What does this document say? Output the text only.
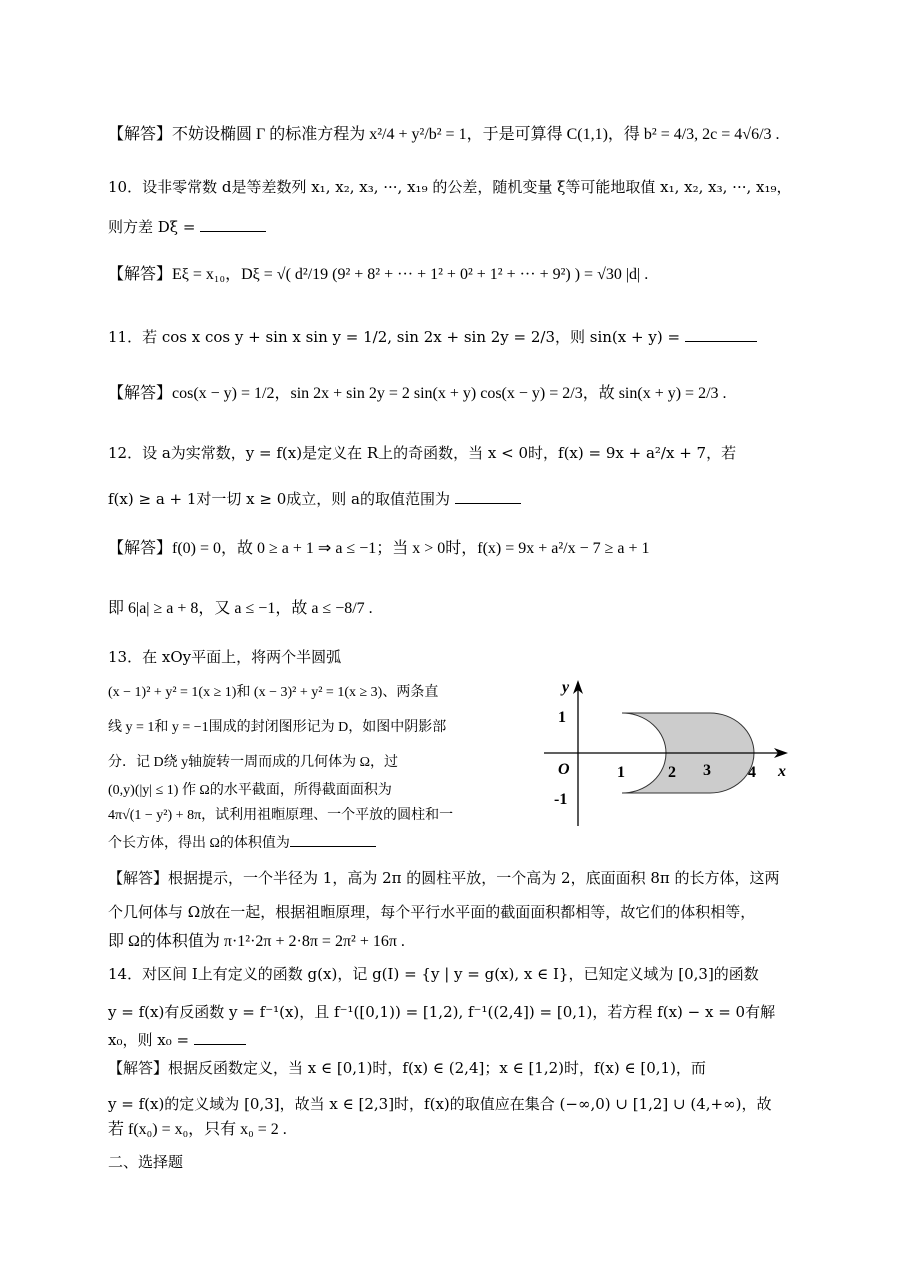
【解答】不妨设椭圆 Γ 的标准方程为 x²/4 + y²/b² = 1，于是可算得 C(1,1)，得 b² = 4/3, 2c = 4√6/3 .
10．设非零常数 d是等差数列 x₁, x₂, x₃, ···, x₁₉ 的公差，随机变量 ξ等可能地取值 x₁, x₂, x₃, ···, x₁₉，
则方差 Dξ =
【解答】Eξ = x₁₀，Dξ = √( d²/19 (9² + 8² + ··· + 1² + 0² + 1² + ··· + 9²) ) = √30 |d| .
11．若 cos x cos y + sin x sin y = 1/2, sin 2x + sin 2y = 2/3，则 sin(x + y) =
【解答】cos(x − y) = 1/2，sin 2x + sin 2y = 2 sin(x + y) cos(x − y) = 2/3，故 sin(x + y) = 2/3 .
12．设 a为实常数，y = f(x)是定义在 R上的奇函数，当 x < 0时，f(x) = 9x + a²/x + 7，若
f(x) ≥ a + 1对一切 x ≥ 0成立，则 a的取值范围为
【解答】f(0) = 0，故 0 ≥ a + 1 ⇒ a ≤ −1；当 x > 0时，f(x) = 9x + a²/x − 7 ≥ a + 1
即 6|a| ≥ a + 8，又 a ≤ −1，故 a ≤ −8/7 .
13．在 xOy平面上，将两个半圆弧
(x − 1)² + y² = 1(x ≥ 1)和 (x − 3)² + y² = 1(x ≥ 3)、两条直
线 y = 1和 y = −1围成的封闭图形记为 D，如图中阴影部
分．记 D绕 y轴旋转一周而成的几何体为 Ω，过
(0,y)(|y| ≤ 1) 作 Ω的水平截面，所得截面面积为
4π√(1 − y²) + 8π，试利用祖暅原理、一个平放的圆柱和一
个长方体，得出 Ω的体积值为
【解答】根据提示，一个半径为 1，高为 2π 的圆柱平放，一个高为 2，底面面积 8π 的长方体，这两
个几何体与 Ω放在一起，根据祖暅原理，每个平行水平面的截面面积都相等，故它们的体积相等，
即 Ω的体积值为 π·1²·2π + 2·8π = 2π² + 16π .
14．对区间 I上有定义的函数 g(x)，记 g(I) = {y | y = g(x), x ∈ I}，已知定义域为 [0,3]的函数
y = f(x)有反函数 y = f⁻¹(x)，且 f⁻¹([0,1)) = [1,2), f⁻¹((2,4]) = [0,1)，若方程 f(x) − x = 0有解
x₀，则 x₀ =
【解答】根据反函数定义，当 x ∈ [0,1)时，f(x) ∈ (2,4]；x ∈ [1,2)时，f(x) ∈ [0,1)，而
y = f(x)的定义域为 [0,3]，故当 x ∈ [2,3]时，f(x)的取值应在集合 (−∞,0) ∪ [1,2] ∪ (4,+∞)，故
若 f(x₀) = x₀，只有 x₀ = 2 .
二、选择题
y
x
O	1	2 3 4
1
-1
